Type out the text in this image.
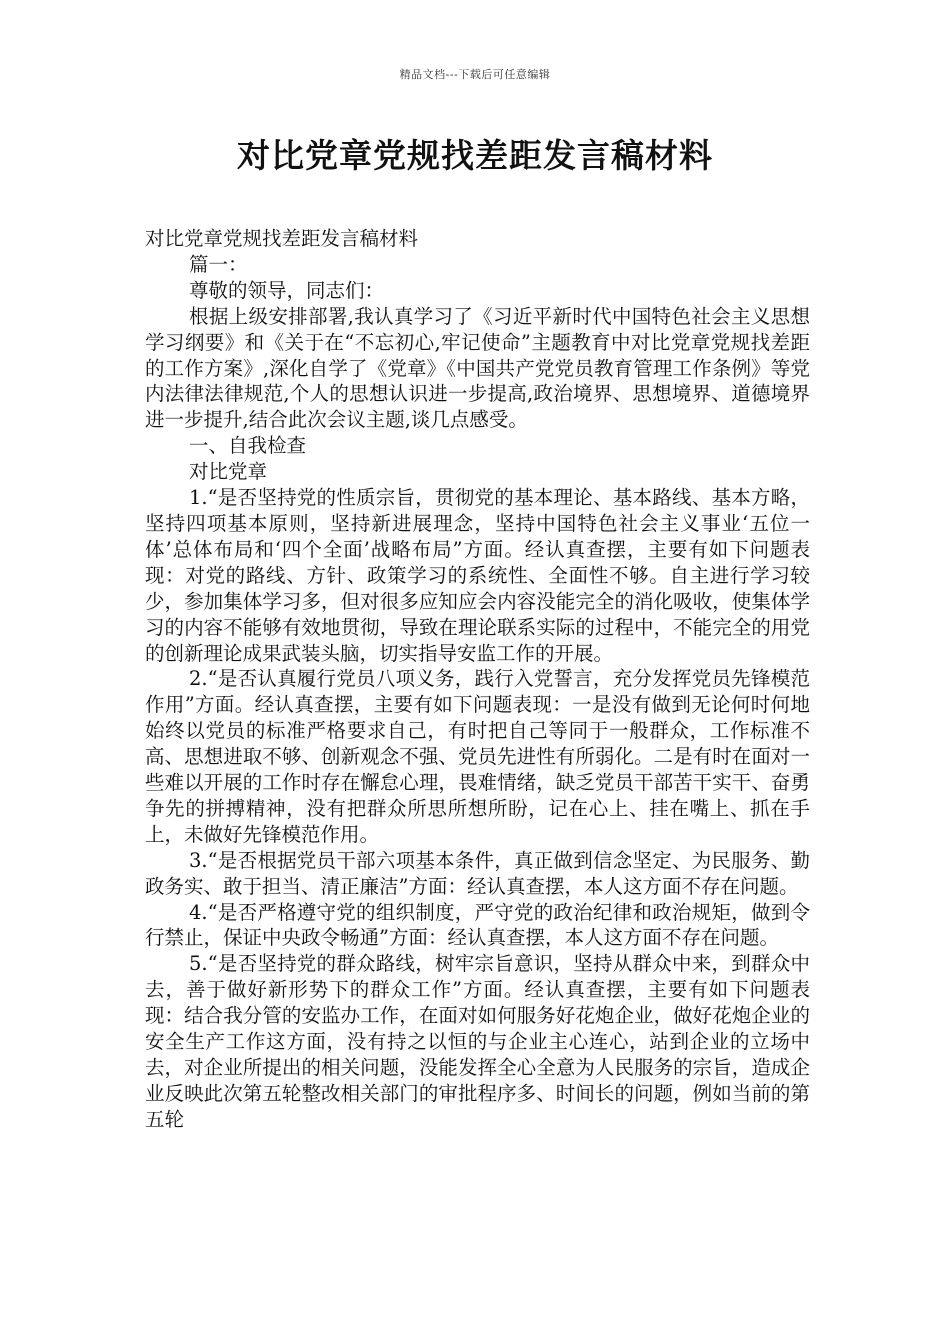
精品文档---下载后可任意编辑
对比党章党规找差距发言稿材料

对比党章党规找差距发言稿材料

篇一：

尊敬的领导，同志们：

根据上级安排部署,我认真学习了《习近平新时代中国特色社会主义思想学习纲要》和《关于在“不忘初心,牢记使命”主题教育中对比党章党规找差距的工作方案》,深化自学了《党章》《中国共产党党员教育管理工作条例》等党内法律法律规范,个人的思想认识进一步提高,政治境界、思想境界、道德境界进一步提升,结合此次会议主题,谈几点感受。

一、自我检查

对比党章

1.“是否坚持党的性质宗旨，贯彻党的基本理论、基本路线、基本方略，坚持四项基本原则，坚持新进展理念，坚持中国特色社会主义事业‘五位一体’总体布局和‘四个全面’战略布局”方面。经认真查摆，主要有如下问题表现：对党的路线、方针、政策学习的系统性、全面性不够。自主进行学习较少，参加集体学习多，但对很多应知应会内容没能完全的消化吸收，使集体学习的内容不能够有效地贯彻，导致在理论联系实际的过程中，不能完全的用党的创新理论成果武装头脑，切实指导安监工作的开展。

2.“是否认真履行党员八项义务，践行入党誓言，充分发挥党员先锋模范作用”方面。经认真查摆，主要有如下问题表现：一是没有做到无论何时何地始终以党员的标准严格要求自己，有时把自己等同于一般群众，工作标准不高、思想进取不够、创新观念不强、党员先进性有所弱化。二是有时在面对一些难以开展的工作时存在懈怠心理，畏难情绪，缺乏党员干部苦干实干、奋勇争先的拼搏精神，没有把群众所思所想所盼，记在心上、挂在嘴上、抓在手上，未做好先锋模范作用。

3.“是否根据党员干部六项基本条件，真正做到信念坚定、为民服务、勤政务实、敢于担当、清正廉洁”方面：经认真查摆，本人这方面不存在问题。

4.“是否严格遵守党的组织制度，严守党的政治纪律和政治规矩，做到令行禁止，保证中央政令畅通”方面：经认真查摆，本人这方面不存在问题。

5.“是否坚持党的群众路线，树牢宗旨意识，坚持从群众中来，到群众中去，善于做好新形势下的群众工作”方面。经认真查摆，主要有如下问题表现：结合我分管的安监办工作，在面对如何服务好花炮企业，做好花炮企业的安全生产工作这方面，没有持之以恒的与企业主心连心，站到企业的立场中去，对企业所提出的相关问题，没能发挥全心全意为人民服务的宗旨，造成企业反映此次第五轮整改相关部门的审批程序多、时间长的问题，例如当前的第五轮
